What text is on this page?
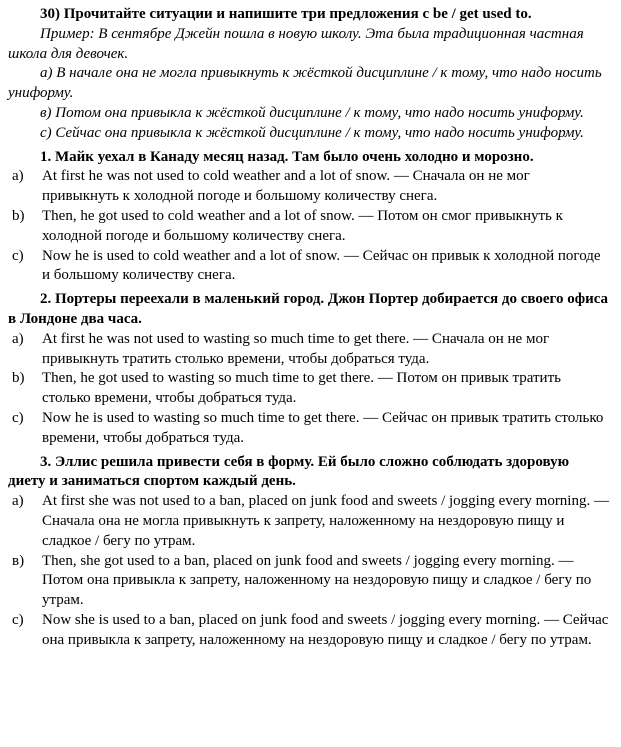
30) Прочитайте ситуации и напишите три предложения с be / get used to.

Пример: В сентябре Джейн пошла в новую школу. Эта была традиционная частная школа для девочек.

а) В начале она не могла привыкнуть к жёсткой дисциплине / к тому, что надо носить униформу.

в) Потом она привыкла к жёсткой дисциплине / к тому, что надо носить униформу.

с) Сейчас она привыкла к жёсткой дисциплине / к тому, что надо носить униформу.

1. Майк уехал в Канаду месяц назад. Там было очень холодно и морозно.

a) At first he was not used to cold weather and a lot of snow. — Сначала он не мог привыкнуть к холодной погоде и большому количеству снега.

b) Then, he got used to cold weather and a lot of snow. — Потом он смог привыкнуть к холодной погоде и большому количеству снега.

c) Now he is used to cold weather and a lot of snow. — Сейчас он привык к холодной погоде и большому количеству снега.

2. Портеры переехали в маленький город. Джон Портер добирается до своего офиса в Лондоне два часа.

a) At first he was not used to wasting so much time to get there. — Сначала он не мог привыкнуть тратить столько времени, чтобы добраться туда.

b) Then, he got used to wasting so much time to get there. — Потом он привык тратить столько времени, чтобы добраться туда.

c) Now he is used to wasting so much time to get there. — Сейчас он привык тратить столько времени, чтобы добраться туда.

3. Эллис решила привести себя в форму. Ей было сложно соблюдать здоровую диету и заниматься спортом каждый день.

a) At first she was not used to a ban, placed on junk food and sweets / jogging every morning. — Сначала она не могла привыкнуть к запрету, наложенному на нездоровую пищу и сладкое / бегу по утрам.

в) Then, she got used to a ban, placed on junk food and sweets / jogging every morning. — Потом она привыкла к запрету, наложенному на нездоровую пищу и сладкое / бегу по утрам.

с) Now she is used to a ban, placed on junk food and sweets / jogging every morning. — Сейчас она привыкла к запрету, наложенному на нездоровую пищу и сладкое / бегу по утрам.
